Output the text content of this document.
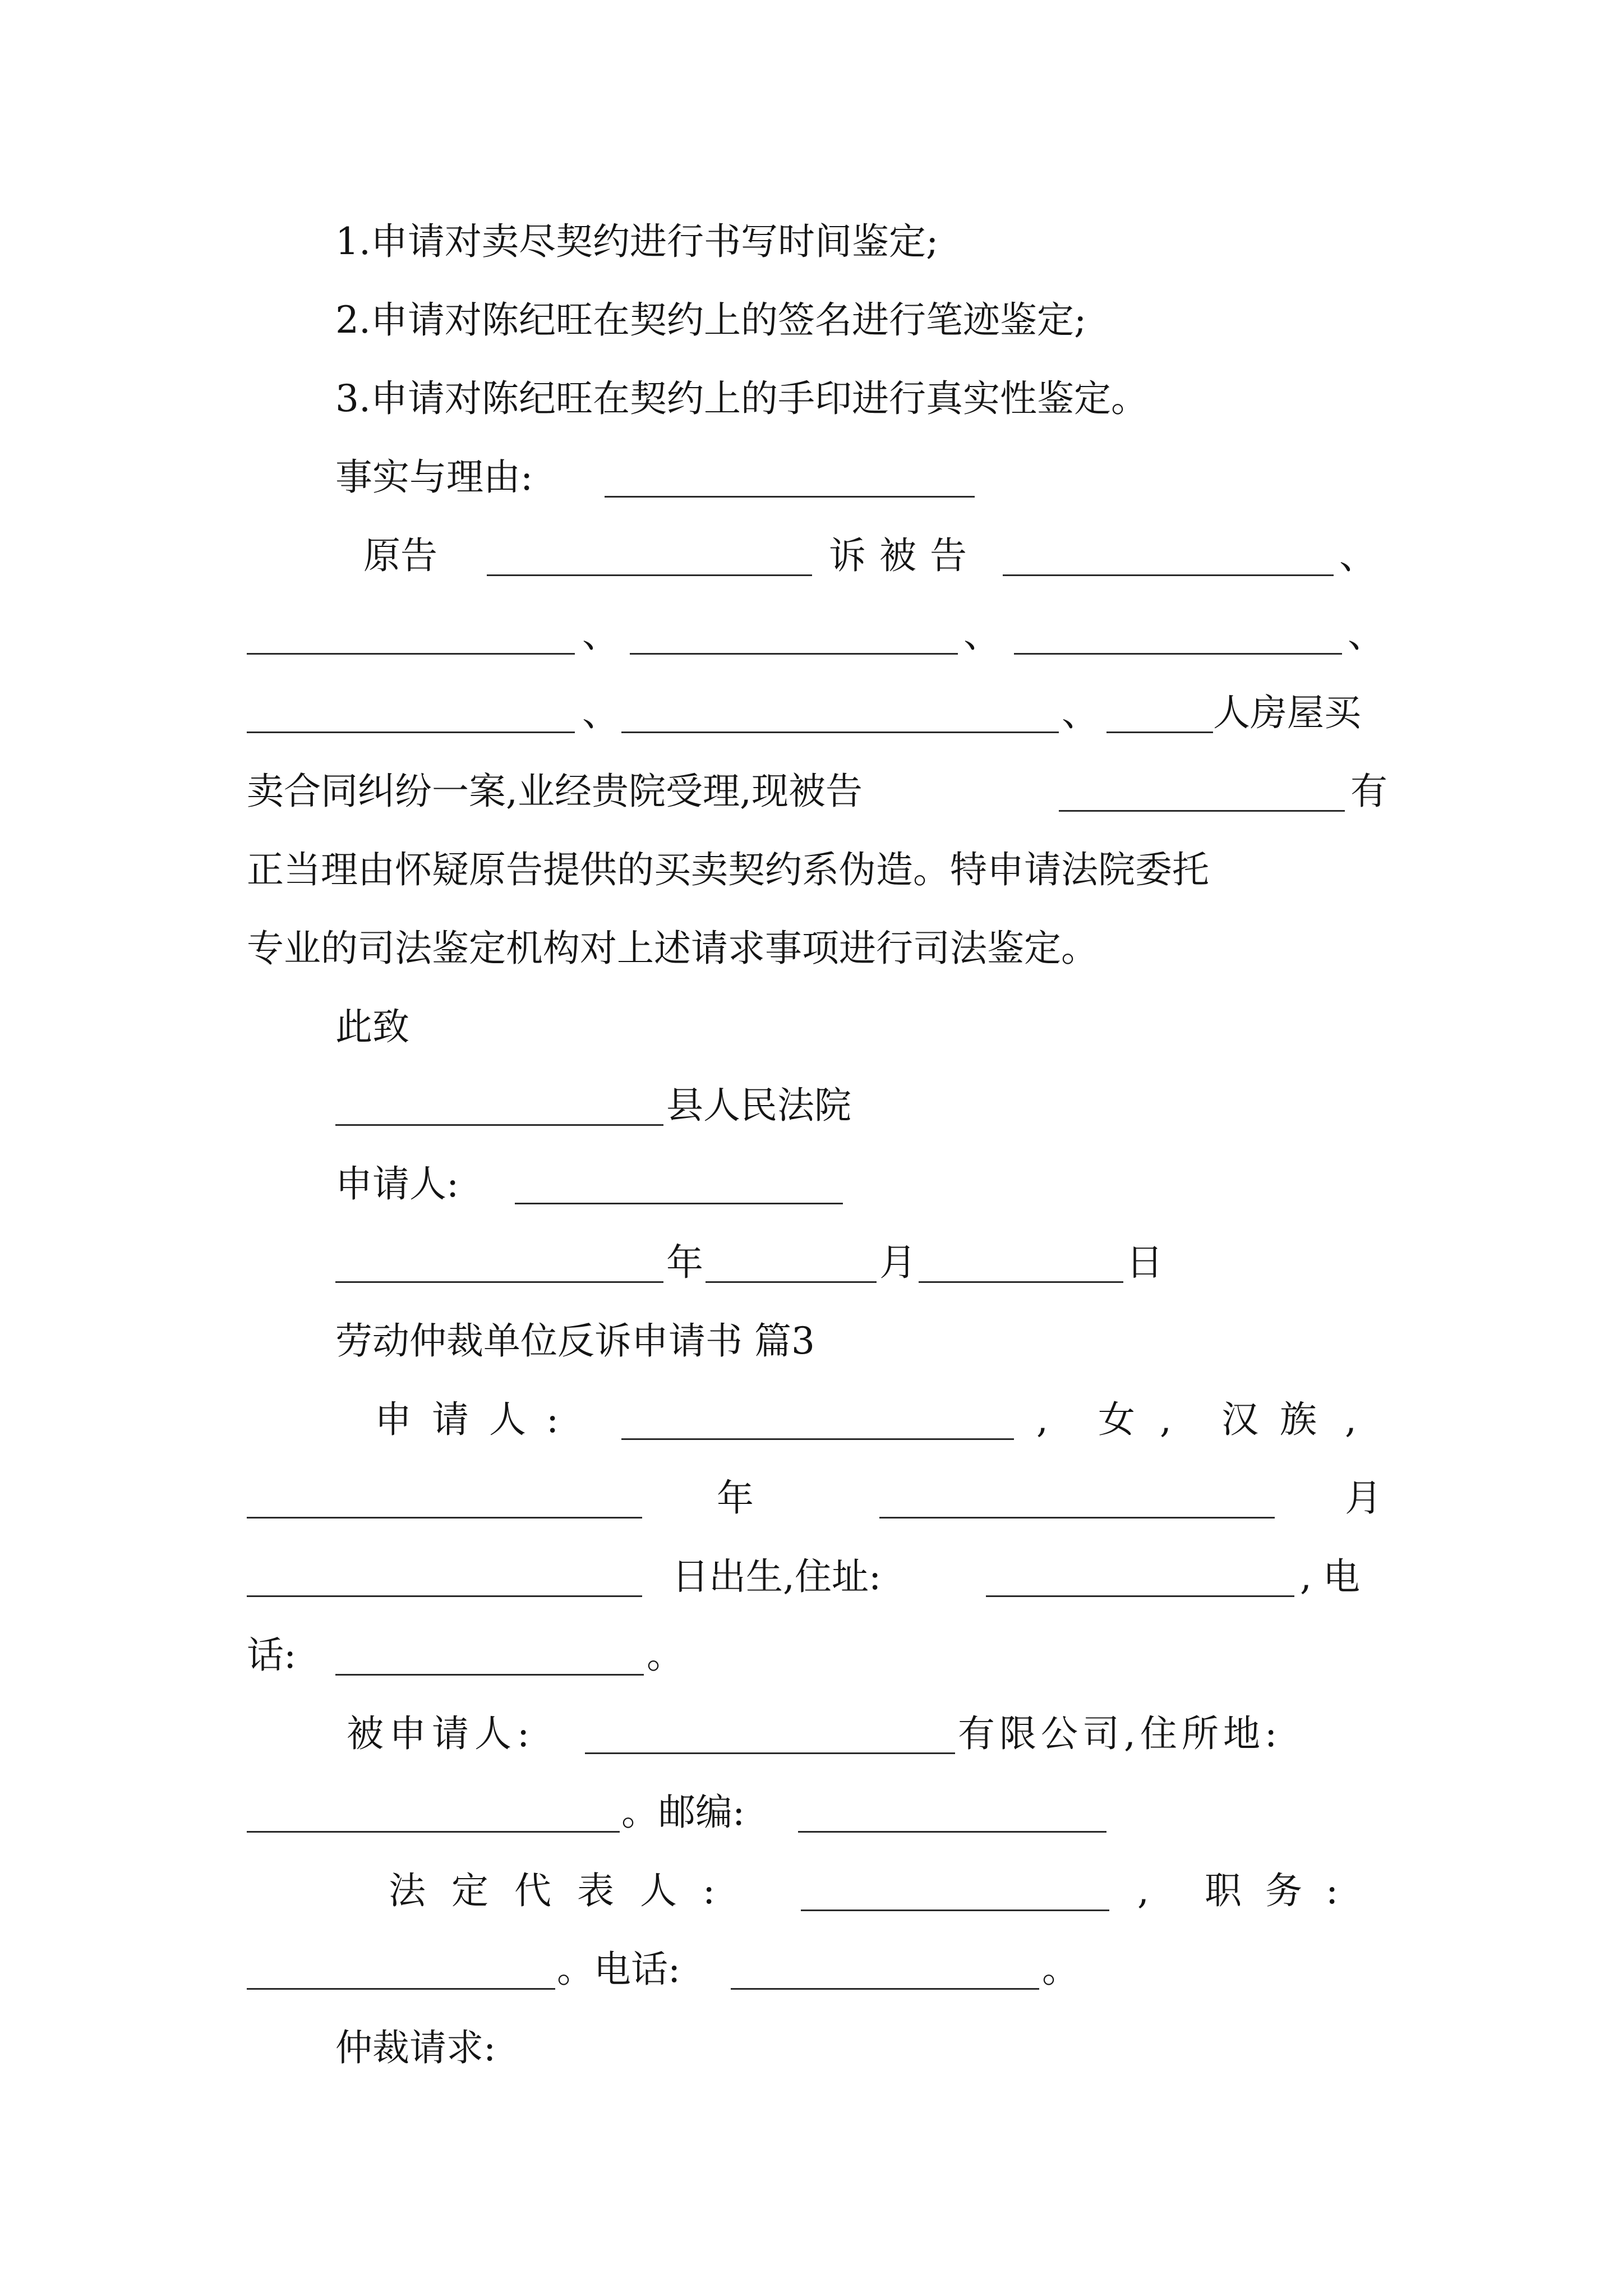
1.申请对卖尽契约进行书写时间鉴定;
2.申请对陈纪旺在契约上的签名进行笔迹鉴定;
3.申请对陈纪旺在契约上的手印进行真实性鉴定。
事实与理由:
原告	诉被告	、
、	、	、
、	、	人房屋买
卖合同纠纷一案,业经贵院受理,现被告	有
正当理由怀疑原告提供的买卖契约系伪造。特申请法院委托
专业的司法鉴定机构对上述请求事项进行司法鉴定。
此致
县人民法院
申请人:
年	月	日
劳动仲裁单位反诉申请书 篇3
申请人:	, 女 , 汉族 ,
年	月
日出生,住址:	,电
话:	。
被申请人:	有限公司,住所地:
。邮编:
法定代表人:	, 职务:
。电话:	。
仲裁请求:
